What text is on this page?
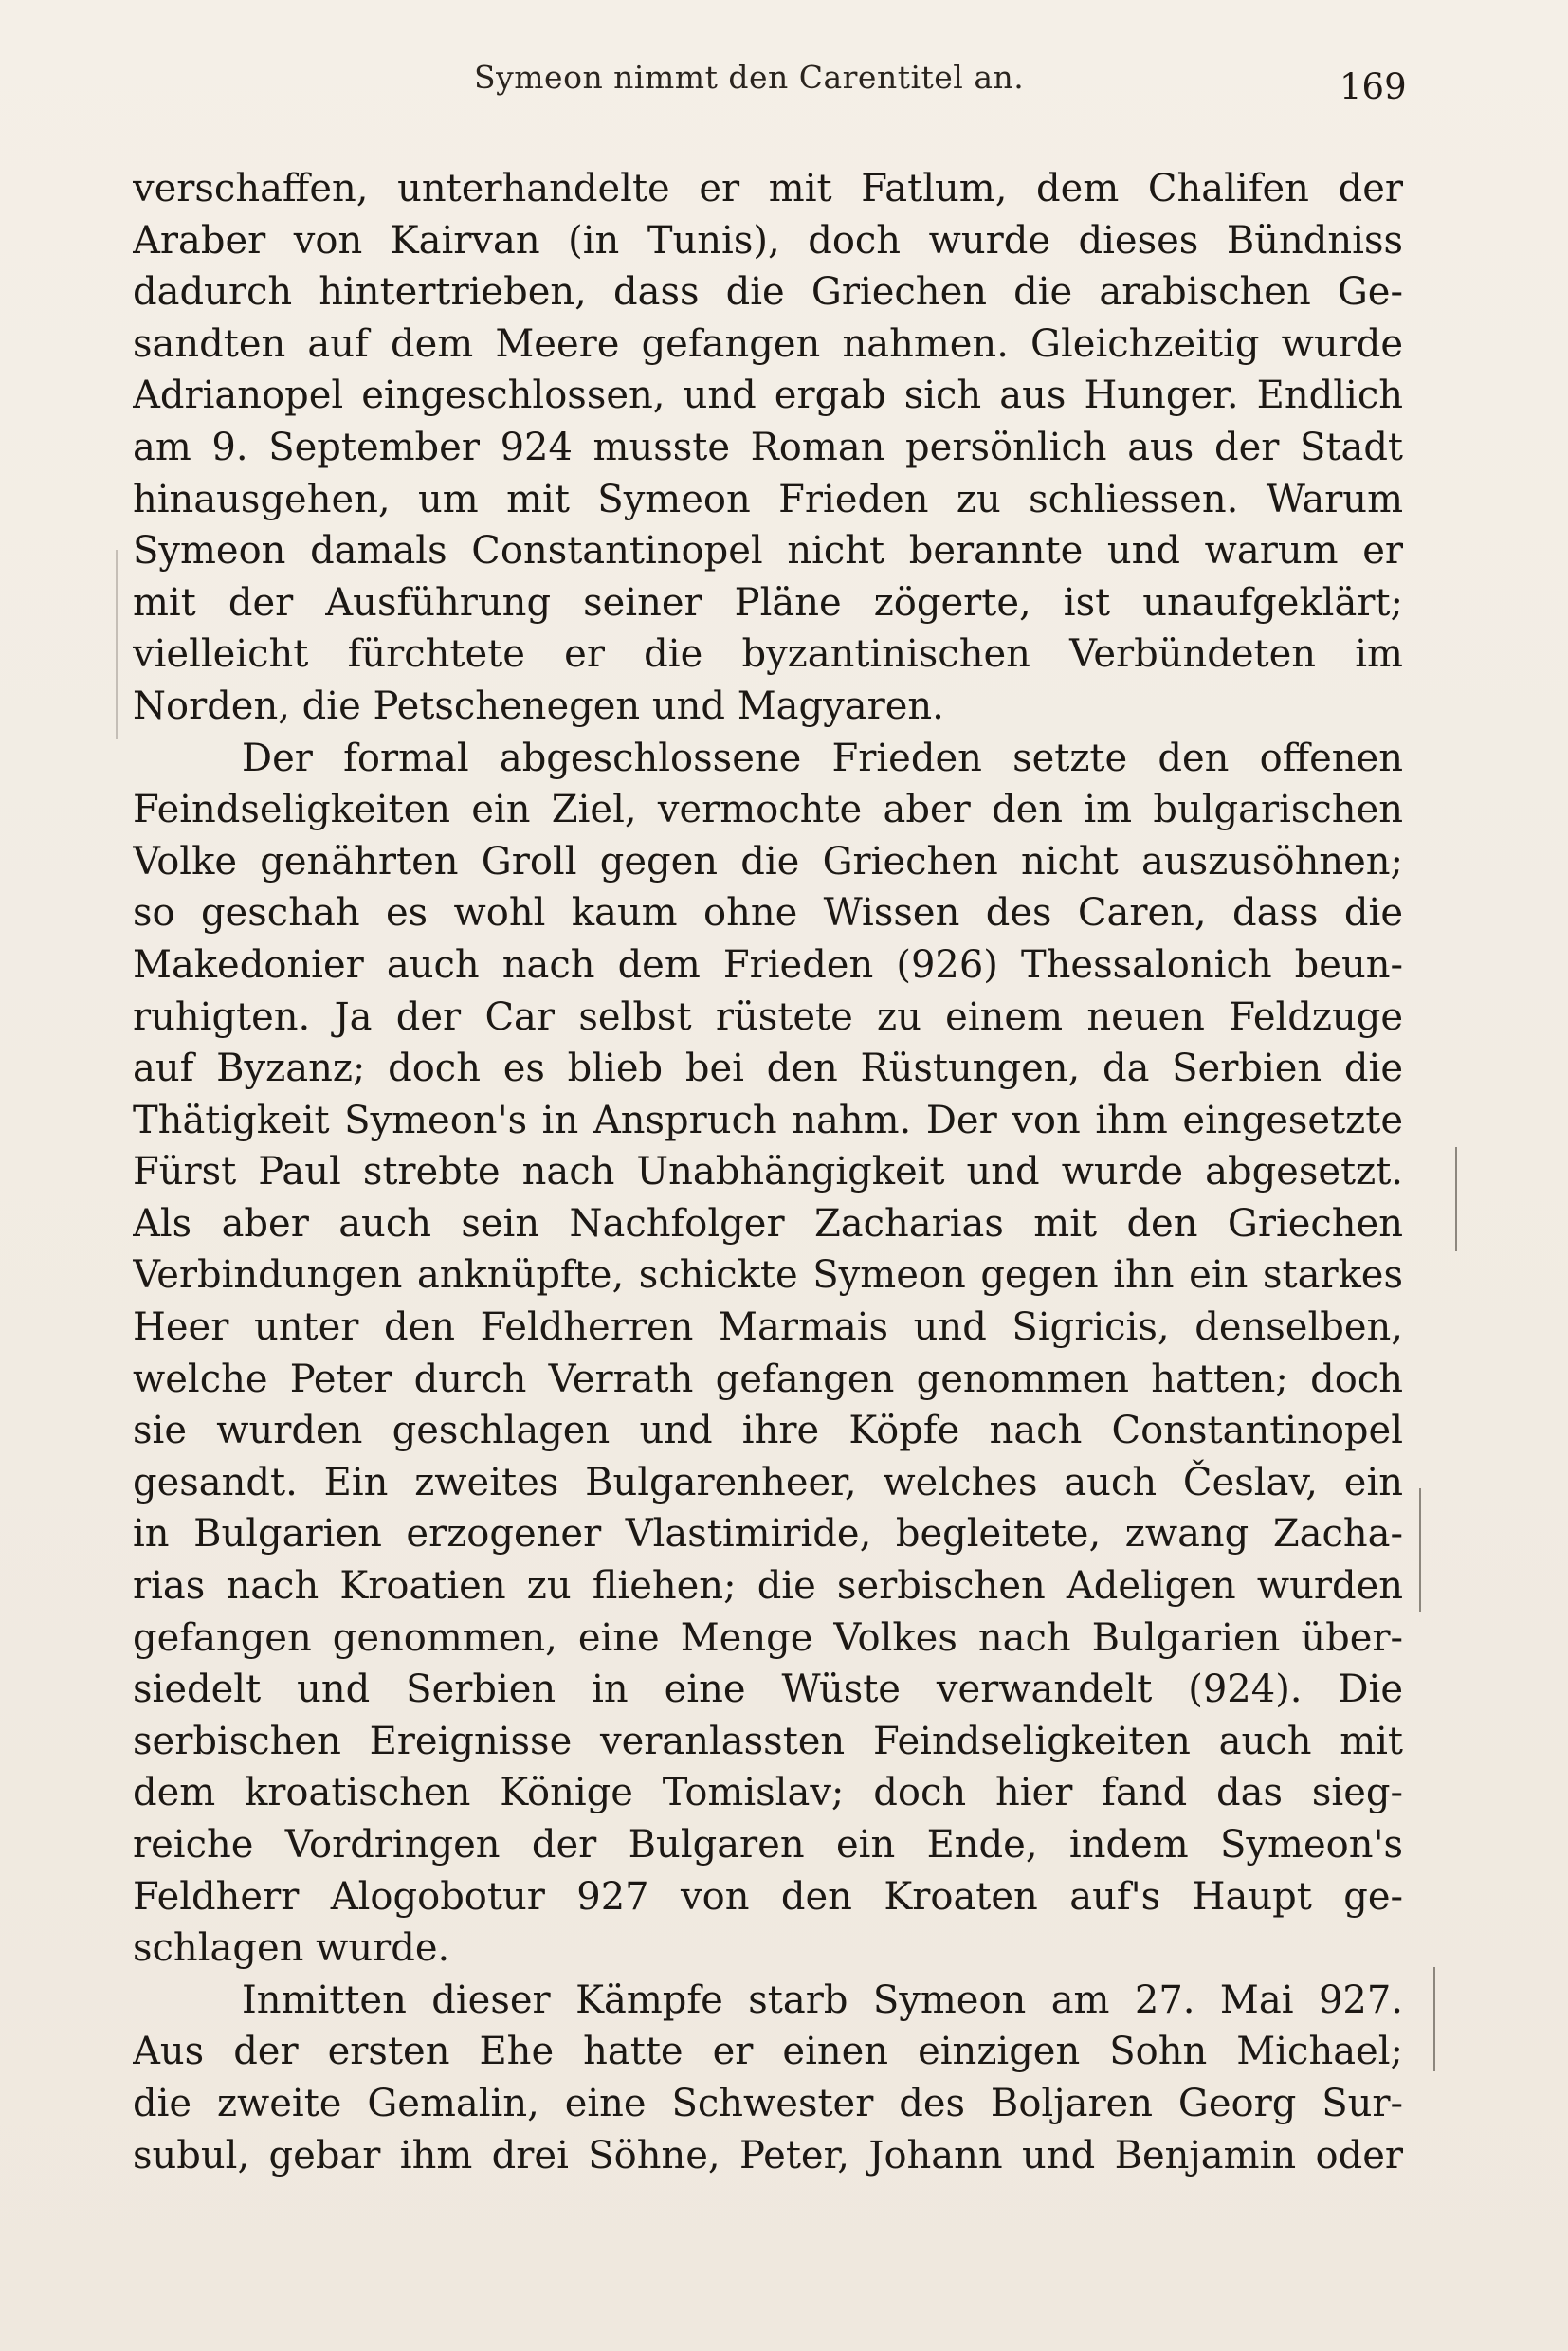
Symeon nimmt den Carentitel an.	169
verschaffen, unterhandelte er mit Fatlum, dem Chalifen der
Araber von Kairvan (in Tunis), doch wurde dieses Bündniss
dadurch hintertrieben, dass die Griechen die arabischen Ge-
sandten auf dem Meere gefangen nahmen. Gleichzeitig wurde
Adrianopel eingeschlossen, und ergab sich aus Hunger. Endlich
am 9. September 924 musste Roman persönlich aus der Stadt
hinausgehen, um mit Symeon Frieden zu schliessen. Warum
Symeon damals Constantinopel nicht berannte und warum er
mit der Ausführung seiner Pläne zögerte, ist unaufgeklärt;
vielleicht fürchtete er die byzantinischen Verbündeten im
Norden, die Petschenegen und Magyaren.
Der formal abgeschlossene Frieden setzte den offenen
Feindseligkeiten ein Ziel, vermochte aber den im bulgarischen
Volke genährten Groll gegen die Griechen nicht auszusöhnen;
so geschah es wohl kaum ohne Wissen des Caren, dass die
Makedonier auch nach dem Frieden (926) Thessalonich beun-
ruhigten. Ja der Car selbst rüstete zu einem neuen Feldzuge
auf Byzanz; doch es blieb bei den Rüstungen, da Serbien die
Thätigkeit Symeon's in Anspruch nahm. Der von ihm eingesetzte
Fürst Paul strebte nach Unabhängigkeit und wurde abgesetzt.
Als aber auch sein Nachfolger Zacharias mit den Griechen
Verbindungen anknüpfte, schickte Symeon gegen ihn ein starkes
Heer unter den Feldherren Marmais und Sigricis, denselben,
welche Peter durch Verrath gefangen genommen hatten; doch
sie wurden geschlagen und ihre Köpfe nach Constantinopel
gesandt. Ein zweites Bulgarenheer, welches auch Česlav, ein
in Bulgarien erzogener Vlastimiride, begleitete, zwang Zacha-
rias nach Kroatien zu fliehen; die serbischen Adeligen wurden
gefangen genommen, eine Menge Volkes nach Bulgarien über-
siedelt und Serbien in eine Wüste verwandelt (924). Die
serbischen Ereignisse veranlassten Feindseligkeiten auch mit
dem kroatischen Könige Tomislav; doch hier fand das sieg-
reiche Vordringen der Bulgaren ein Ende, indem Symeon's
Feldherr Alogobotur 927 von den Kroaten auf's Haupt ge-
schlagen wurde.
Inmitten dieser Kämpfe starb Symeon am 27. Mai 927.
Aus der ersten Ehe hatte er einen einzigen Sohn Michael;
die zweite Gemalin, eine Schwester des Boljaren Georg Sur-
subul, gebar ihm drei Söhne, Peter, Johann und Benjamin oder
